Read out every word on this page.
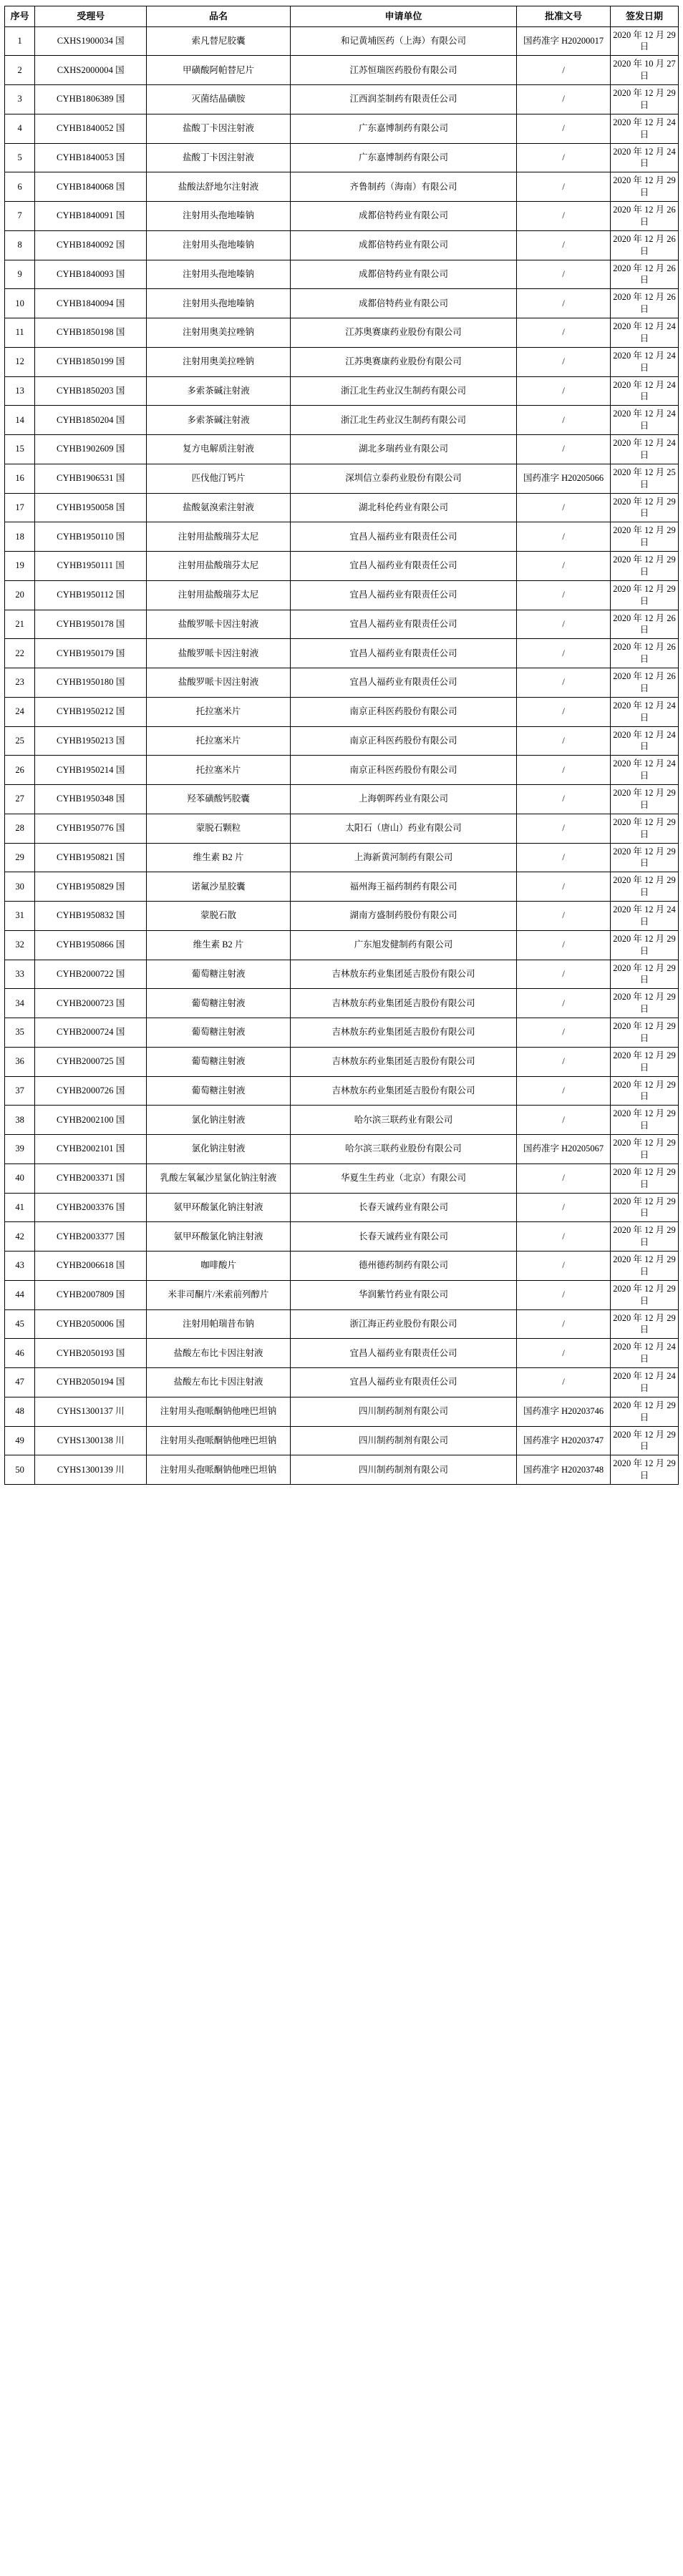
序号	受理号	品名	申请单位	批准文号	签发日期
1	CXHS1900034 国	索凡替尼胶囊	和记黄埔医药（上海）有限公司	国药准字 H20200017	2020 年 12 月 29 日
2	CXHS2000004 国	甲磺酸阿帕替尼片	江苏恒瑞医药股份有限公司	/	2020 年 10 月 27 日
3	CYHB1806389 国	灭菌结晶磺胺	江西润荃制药有限责任公司	/	2020 年 12 月 29 日
4	CYHB1840052 国	盐酸丁卡因注射液	广东嘉博制药有限公司	/	2020 年 12 月 24 日
5	CYHB1840053 国	盐酸丁卡因注射液	广东嘉博制药有限公司	/	2020 年 12 月 24 日
6	CYHB1840068 国	盐酸法舒地尔注射液	齐鲁制药（海南）有限公司	/	2020 年 12 月 29 日
7	CYHB1840091 国	注射用头孢地嗪钠	成都倍特药业有限公司	/	2020 年 12 月 26 日
8	CYHB1840092 国	注射用头孢地嗪钠	成都倍特药业有限公司	/	2020 年 12 月 26 日
9	CYHB1840093 国	注射用头孢地嗪钠	成都倍特药业有限公司	/	2020 年 12 月 26 日
10	CYHB1840094 国	注射用头孢地嗪钠	成都倍特药业有限公司	/	2020 年 12 月 26 日
11	CYHB1850198 国	注射用奥美拉唑钠	江苏奥赛康药业股份有限公司	/	2020 年 12 月 24 日
12	CYHB1850199 国	注射用奥美拉唑钠	江苏奥赛康药业股份有限公司	/	2020 年 12 月 24 日
13	CYHB1850203 国	多索茶碱注射液	浙江北生药业汉生制药有限公司	/	2020 年 12 月 24 日
14	CYHB1850204 国	多索茶碱注射液	浙江北生药业汉生制药有限公司	/	2020 年 12 月 24 日
15	CYHB1902609 国	复方电解质注射液	湖北多瑞药业有限公司	/	2020 年 12 月 24 日
16	CYHB1906531 国	匹伐他汀钙片	深圳信立泰药业股份有限公司	国药准字 H20205066	2020 年 12 月 25 日
17	CYHB1950058 国	盐酸氨溴索注射液	湖北科伦药业有限公司	/	2020 年 12 月 29 日
18	CYHB1950110 国	注射用盐酸瑞芬太尼	宜昌人福药业有限责任公司	/	2020 年 12 月 29 日
19	CYHB1950111 国	注射用盐酸瑞芬太尼	宜昌人福药业有限责任公司	/	2020 年 12 月 29 日
20	CYHB1950112 国	注射用盐酸瑞芬太尼	宜昌人福药业有限责任公司	/	2020 年 12 月 29 日
21	CYHB1950178 国	盐酸罗哌卡因注射液	宜昌人福药业有限责任公司	/	2020 年 12 月 26 日
22	CYHB1950179 国	盐酸罗哌卡因注射液	宜昌人福药业有限责任公司	/	2020 年 12 月 26 日
23	CYHB1950180 国	盐酸罗哌卡因注射液	宜昌人福药业有限责任公司	/	2020 年 12 月 26 日
24	CYHB1950212 国	托拉塞米片	南京正科医药股份有限公司	/	2020 年 12 月 24 日
25	CYHB1950213 国	托拉塞米片	南京正科医药股份有限公司	/	2020 年 12 月 24 日
26	CYHB1950214 国	托拉塞米片	南京正科医药股份有限公司	/	2020 年 12 月 24 日
27	CYHB1950348 国	羟苯磺酸钙胶囊	上海朝晖药业有限公司	/	2020 年 12 月 29 日
28	CYHB1950776 国	蒙脱石颗粒	太阳石（唐山）药业有限公司	/	2020 年 12 月 29 日
29	CYHB1950821 国	维生素 B2 片	上海新黄河制药有限公司	/	2020 年 12 月 29 日
30	CYHB1950829 国	诺氟沙星胶囊	福州海王福药制药有限公司	/	2020 年 12 月 29 日
31	CYHB1950832 国	蒙脱石散	湖南方盛制药股份有限公司	/	2020 年 12 月 24 日
32	CYHB1950866 国	维生素 B2 片	广东旭发健制药有限公司	/	2020 年 12 月 29 日
33	CYHB2000722 国	葡萄糖注射液	吉林敖东药业集团延吉股份有限公司	/	2020 年 12 月 29 日
34	CYHB2000723 国	葡萄糖注射液	吉林敖东药业集团延吉股份有限公司	/	2020 年 12 月 29 日
35	CYHB2000724 国	葡萄糖注射液	吉林敖东药业集团延吉股份有限公司	/	2020 年 12 月 29 日
36	CYHB2000725 国	葡萄糖注射液	吉林敖东药业集团延吉股份有限公司	/	2020 年 12 月 29 日
37	CYHB2000726 国	葡萄糖注射液	吉林敖东药业集团延吉股份有限公司	/	2020 年 12 月 29 日
38	CYHB2002100 国	氯化钠注射液	哈尔滨三联药业有限公司	/	2020 年 12 月 29 日
39	CYHB2002101 国	氯化钠注射液	哈尔滨三联药业股份有限公司	国药准字 H20205067	2020 年 12 月 29 日
40	CYHB2003371 国	乳酸左氧氟沙星氯化钠注射液	华夏生生药业（北京）有限公司	/	2020 年 12 月 29 日
41	CYHB2003376 国	氨甲环酸氯化钠注射液	长春天诚药业有限公司	/	2020 年 12 月 29 日
42	CYHB2003377 国	氨甲环酸氯化钠注射液	长春天诚药业有限公司	/	2020 年 12 月 29 日
43	CYHB2006618 国	咖啡酸片	德州德药制药有限公司	/	2020 年 12 月 29 日
44	CYHB2007809 国	米非司酮片/米索前列醇片	华润紫竹药业有限公司	/	2020 年 12 月 29 日
45	CYHB2050006 国	注射用帕瑞昔布钠	浙江海正药业股份有限公司	/	2020 年 12 月 29 日
46	CYHB2050193 国	盐酸左布比卡因注射液	宜昌人福药业有限责任公司	/	2020 年 12 月 24 日
47	CYHB2050194 国	盐酸左布比卡因注射液	宜昌人福药业有限责任公司	/	2020 年 12 月 24 日
48	CYHS1300137 川	注射用头孢哌酮钠他唑巴坦钠	四川制药制剂有限公司	国药准字 H20203746	2020 年 12 月 29 日
49	CYHS1300138 川	注射用头孢哌酮钠他唑巴坦钠	四川制药制剂有限公司	国药准字 H20203747	2020 年 12 月 29 日
50	CYHS1300139 川	注射用头孢哌酮钠他唑巴坦钠	四川制药制剂有限公司	国药准字 H20203748	2020 年 12 月 29 日
